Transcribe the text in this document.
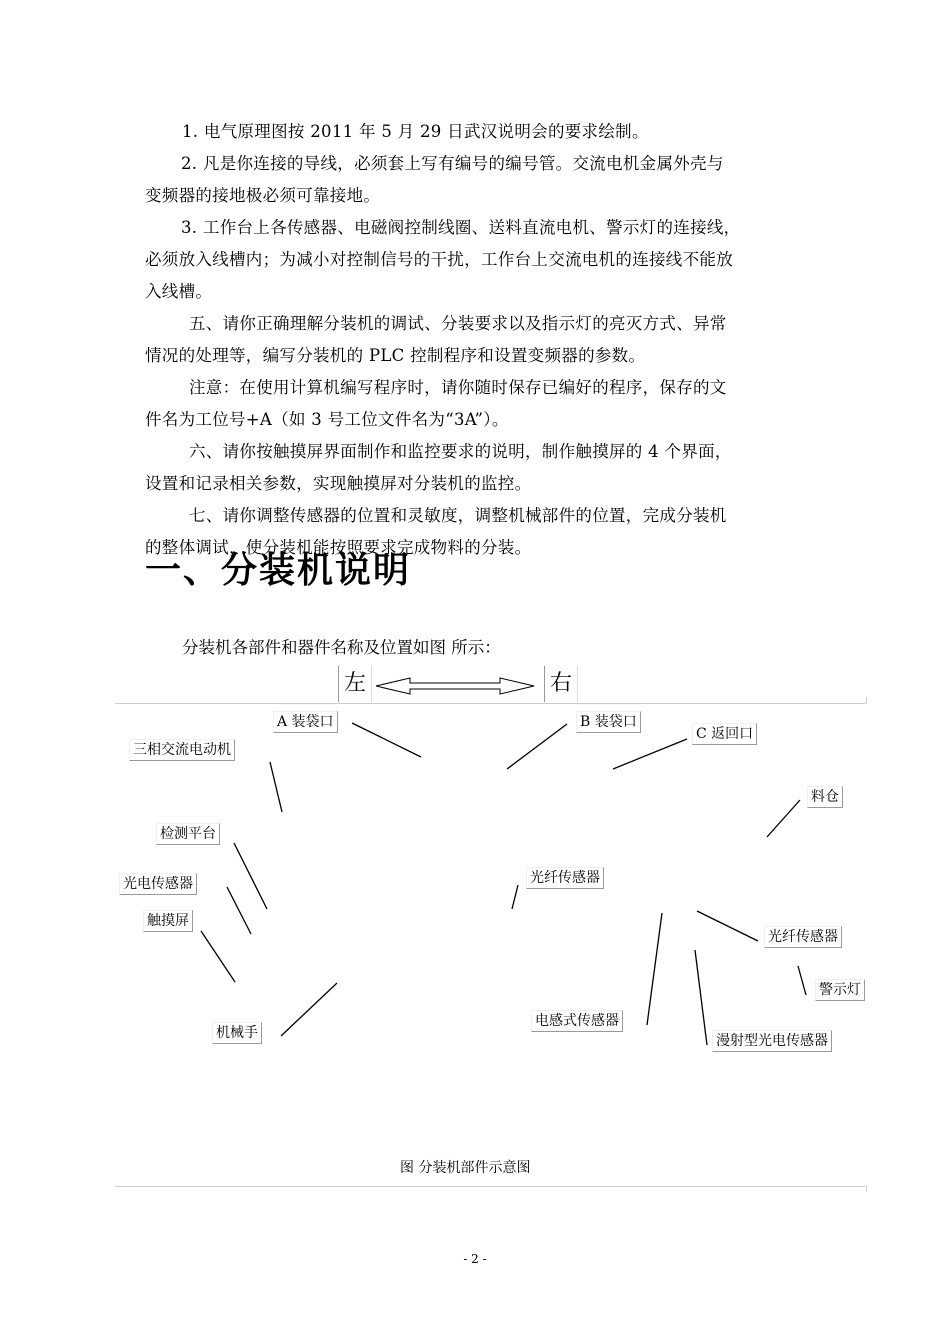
1. 电气原理图按 2011 年 5 月 29 日武汉说明会的要求绘制。
2. 凡是你连接的导线，必须套上写有编号的编号管。交流电机金属外壳与
变频器的接地极必须可靠接地。
3. 工作台上各传感器、电磁阀控制线圈、送料直流电机、警示灯的连接线，
必须放入线槽内；为减小对控制信号的干扰，工作台上交流电机的连接线不能放
入线槽。
五、请你正确理解分装机的调试、分装要求以及指示灯的亮灭方式、异常
情况的处理等，编写分装机的 PLC 控制程序和设置变频器的参数。
注意：在使用计算机编写程序时，请你随时保存已编好的程序，保存的文
件名为工位号+A（如 3 号工位文件名为“3A”）。
六、请你按触摸屏界面制作和监控要求的说明，制作触摸屏的 4 个界面，
设置和记录相关参数，实现触摸屏对分装机的监控。
七、请你调整传感器的位置和灵敏度，调整机械部件的位置，完成分装机
的整体调试，使分装机能按照要求完成物料的分装。
一、分装机说明
分装机各部件和器件名称及位置如图 所示：
左	右
A 装袋口	B 装袋口
C 返回口
三相交流电动机
料仓
检测平台
光电传感器	光纤传感器
触摸屏
光纤传感器
警示灯
机械手
电感式传感器
漫射型光电传感器
图 分装机部件示意图
- 2 -
